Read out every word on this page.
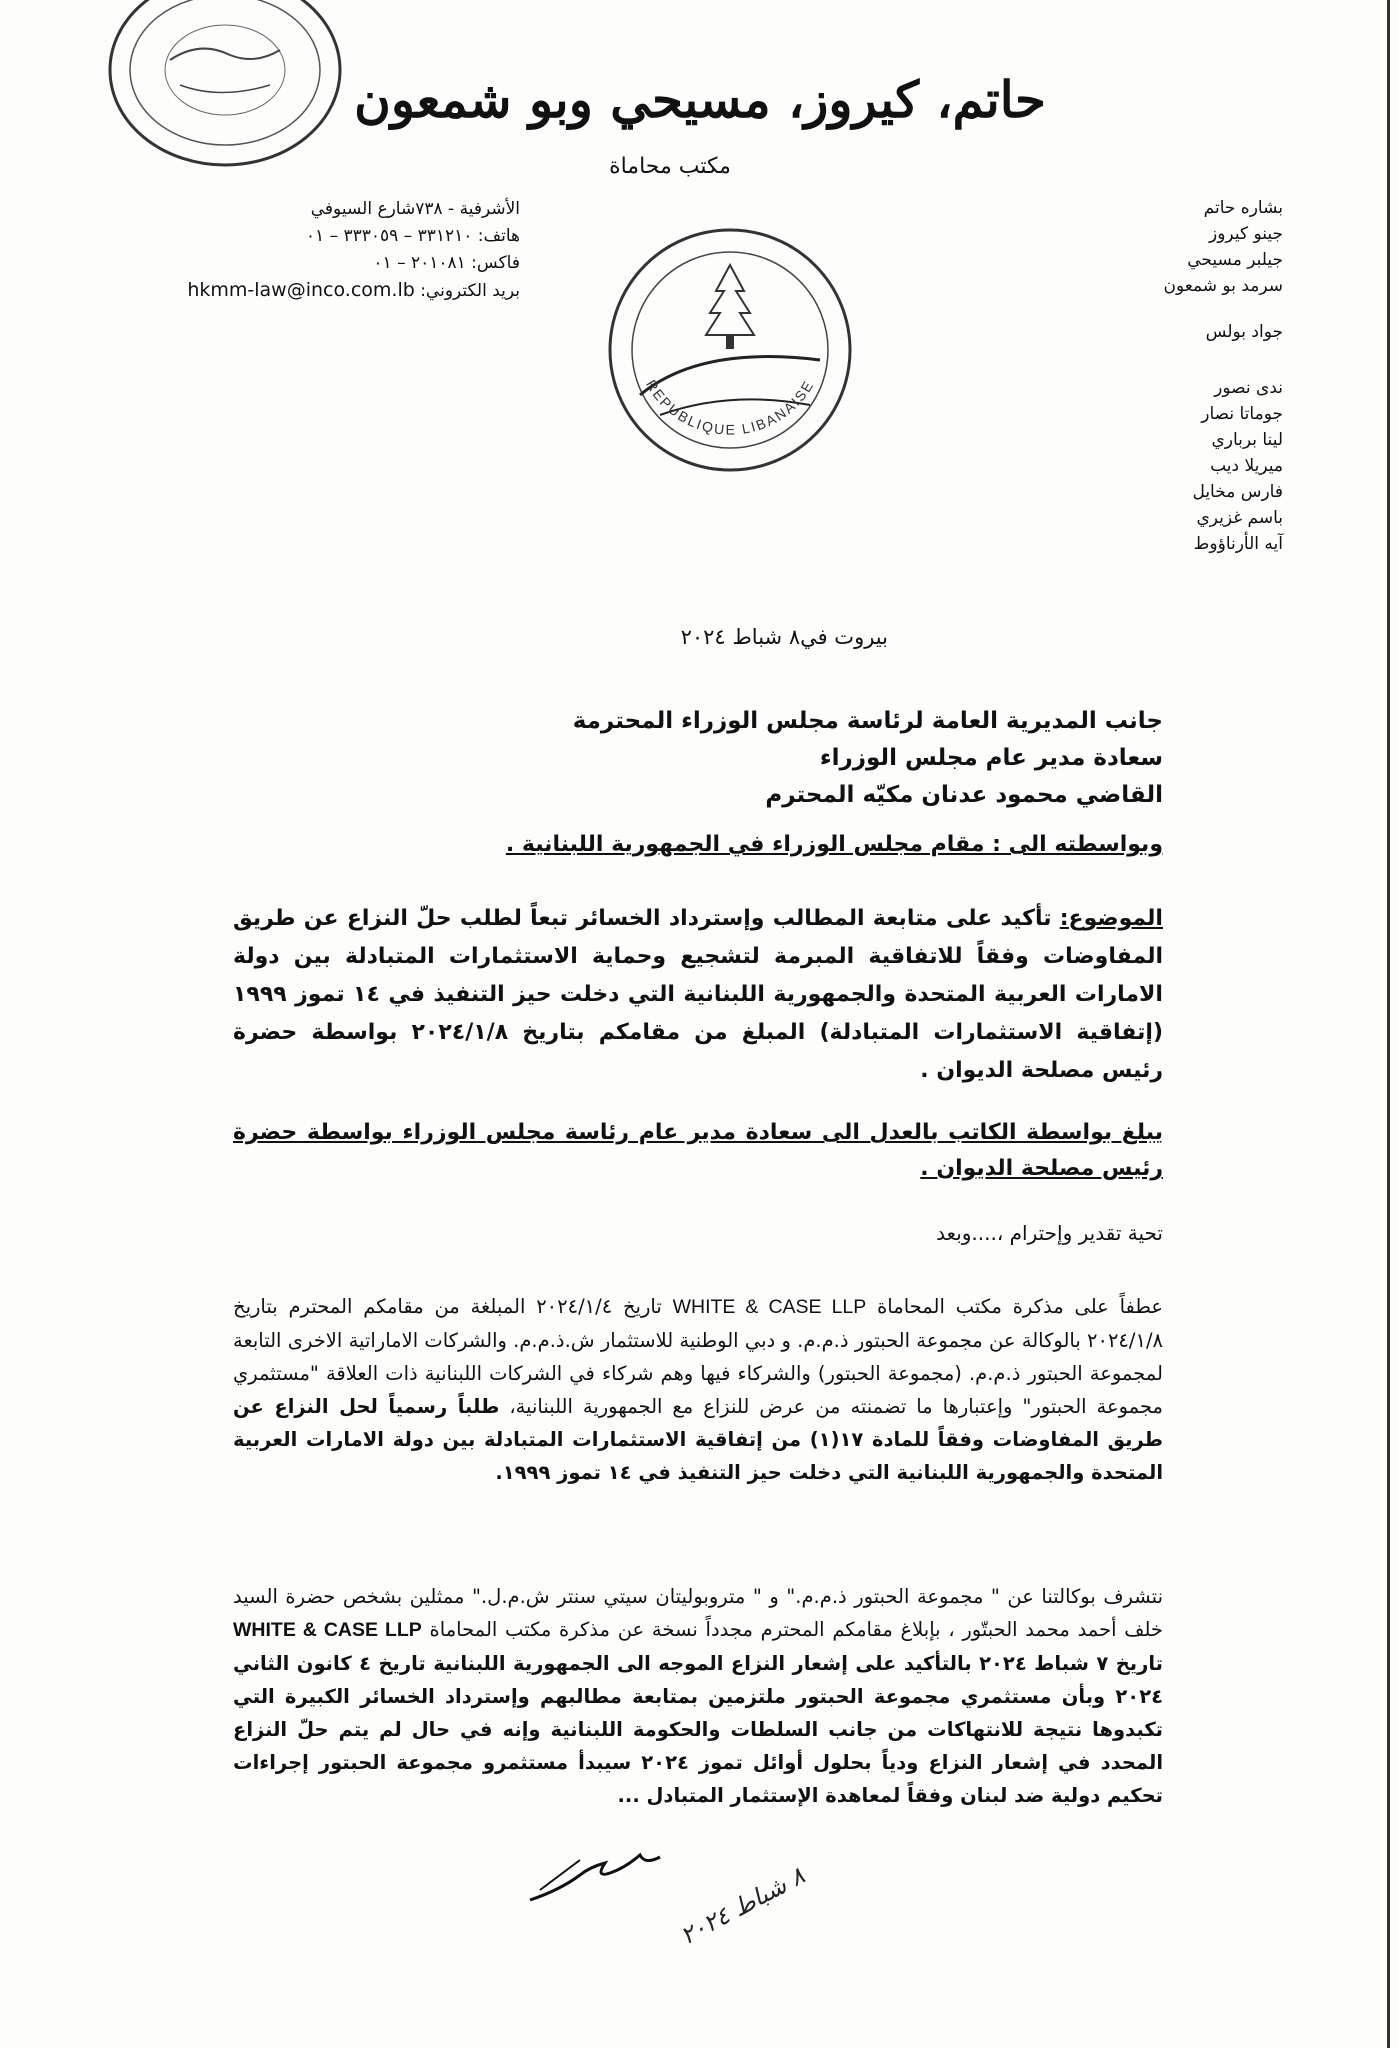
حاتم، كيروز، مسيحي وبو شمعون
مكتب محاماة
الأشرفية - ٧٣٨شارع السيوفي
هاتف: ٣٣١٢١٠ – ٣٣٣٠٥٩ – ٠١
فاكس: ٢٠١٠٨١ – ٠١
بريد الكتروني: hkmm-law@inco.com.lb
بشاره حاتم
جينو كيروز
جيلبر مسيحي
سرمد بو شمعون
جواد بولس
ندى نصور
جوماتا نصار
لينا برباري
ميريلا ديب
فارس مخايل
باسم غزيري
آيه الأرناؤوط
REPUBLIQUE LIBANAISE
بيروت في٨ شباط ٢٠٢٤
جانب المديرية العامة لرئاسة مجلس الوزراء المحترمة
سعادة مدير عام مجلس الوزراء
القاضي محمود عدنان مكيّه المحترم
وبواسطته الى : مقام مجلس الوزراء في الجمهورية اللبنانية .
الموضوع: تأكيد على متابعة المطالب وإسترداد الخسائر تبعاً لطلب حلّ النزاع عن طريق المفاوضات وفقاً للاتفاقية المبرمة لتشجيع وحماية الاستثمارات المتبادلة بين دولة الامارات العربية المتحدة والجمهورية اللبنانية التي دخلت حيز التنفيذ في ١٤ تموز ١٩٩٩ (إتفاقية الاستثمارات المتبادلة) المبلغ من مقامكم بتاريخ ٢٠٢٤/١/٨ بواسطة حضرة رئيس مصلحة الديوان .
يبلغ بواسطة الكاتب بالعدل الى سعادة مدير عام رئاسة مجلس الوزراء بواسطة حضرة رئيس مصلحة الديوان .
تحية تقدير وإحترام ،....وبعد
عطفاً على مذكرة مكتب المحاماة WHITE & CASE LLP تاريخ ٢٠٢٤/١/٤ المبلغة من مقامكم المحترم بتاريخ ٢٠٢٤/١/٨ بالوكالة عن مجموعة الحبتور ذ.م.م. و دبي الوطنية للاستثمار ش.ذ.م.م. والشركات الاماراتية الاخرى التابعة لمجموعة الحبتور ذ.م.م. (مجموعة الحبتور) والشركاء فيها وهم شركاء في الشركات اللبنانية ذات العلاقة "مستثمري مجموعة الحبتور" وإعتبارها ما تضمنته من عرض للنزاع مع الجمهورية اللبنانية، طلباً رسمياً لحل النزاع عن طريق المفاوضات وفقاً للمادة ١٧(١) من إتفاقية الاستثمارات المتبادلة بين دولة الامارات العربية المتحدة والجمهورية اللبنانية التي دخلت حيز التنفيذ في ١٤ تموز ١٩٩٩.
نتشرف بوكالتنا عن " مجموعة الحبتور ذ.م.م." و " متروبوليتان سيتي سنتر ش.م.ل." ممثلين بشخص حضرة السيد خلف أحمد محمد الحبتّور ، بإبلاغ مقامكم المحترم مجدداً نسخة عن مذكرة مكتب المحاماة WHITE & CASE LLP تاريخ ٧ شباط ٢٠٢٤ بالتأكيد على إشعار النزاع الموجه الى الجمهورية اللبنانية تاريخ ٤ كانون الثاني ٢٠٢٤ وبأن مستثمري مجموعة الحبتور ملتزمين بمتابعة مطالبهم وإسترداد الخسائر الكبيرة التي تكبدوها نتيجة للانتهاكات من جانب السلطات والحكومة اللبنانية وإنه في حال لم يتم حلّ النزاع المحدد في إشعار النزاع ودياً بحلول أوائل تموز ٢٠٢٤ سيبدأ مستثمرو مجموعة الحبتور إجراءات تحكيم دولية ضد لبنان وفقاً لمعاهدة الإستثمار المتبادل ...
٨ شباط ٢٠٢٤
